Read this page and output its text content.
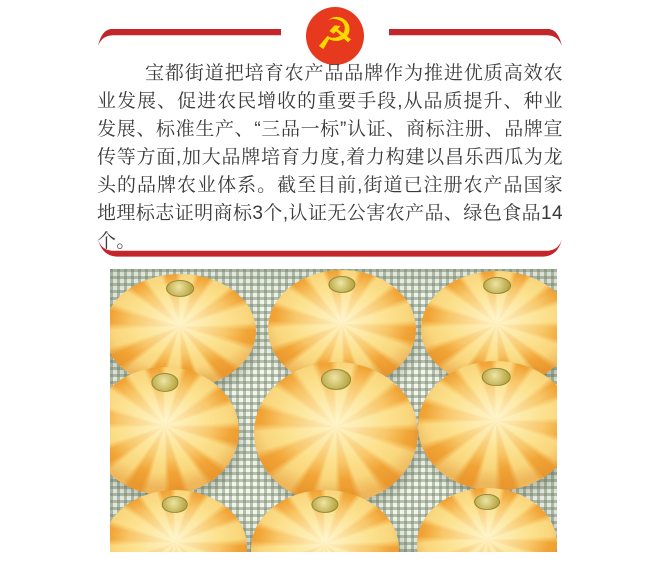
☭

宝都街道把培育农产品品牌作为推进优质高效农业发展、促进农民增收的重要手段,从品质提升、种业发展、标准生产、“三品一标”认证、商标注册、品牌宣传等方面,加大品牌培育力度,着力构建以昌乐西瓜为龙头的品牌农业体系。截至目前,街道已注册农产品国家地理标志证明商标3个,认证无公害农产品、绿色食品14个。
